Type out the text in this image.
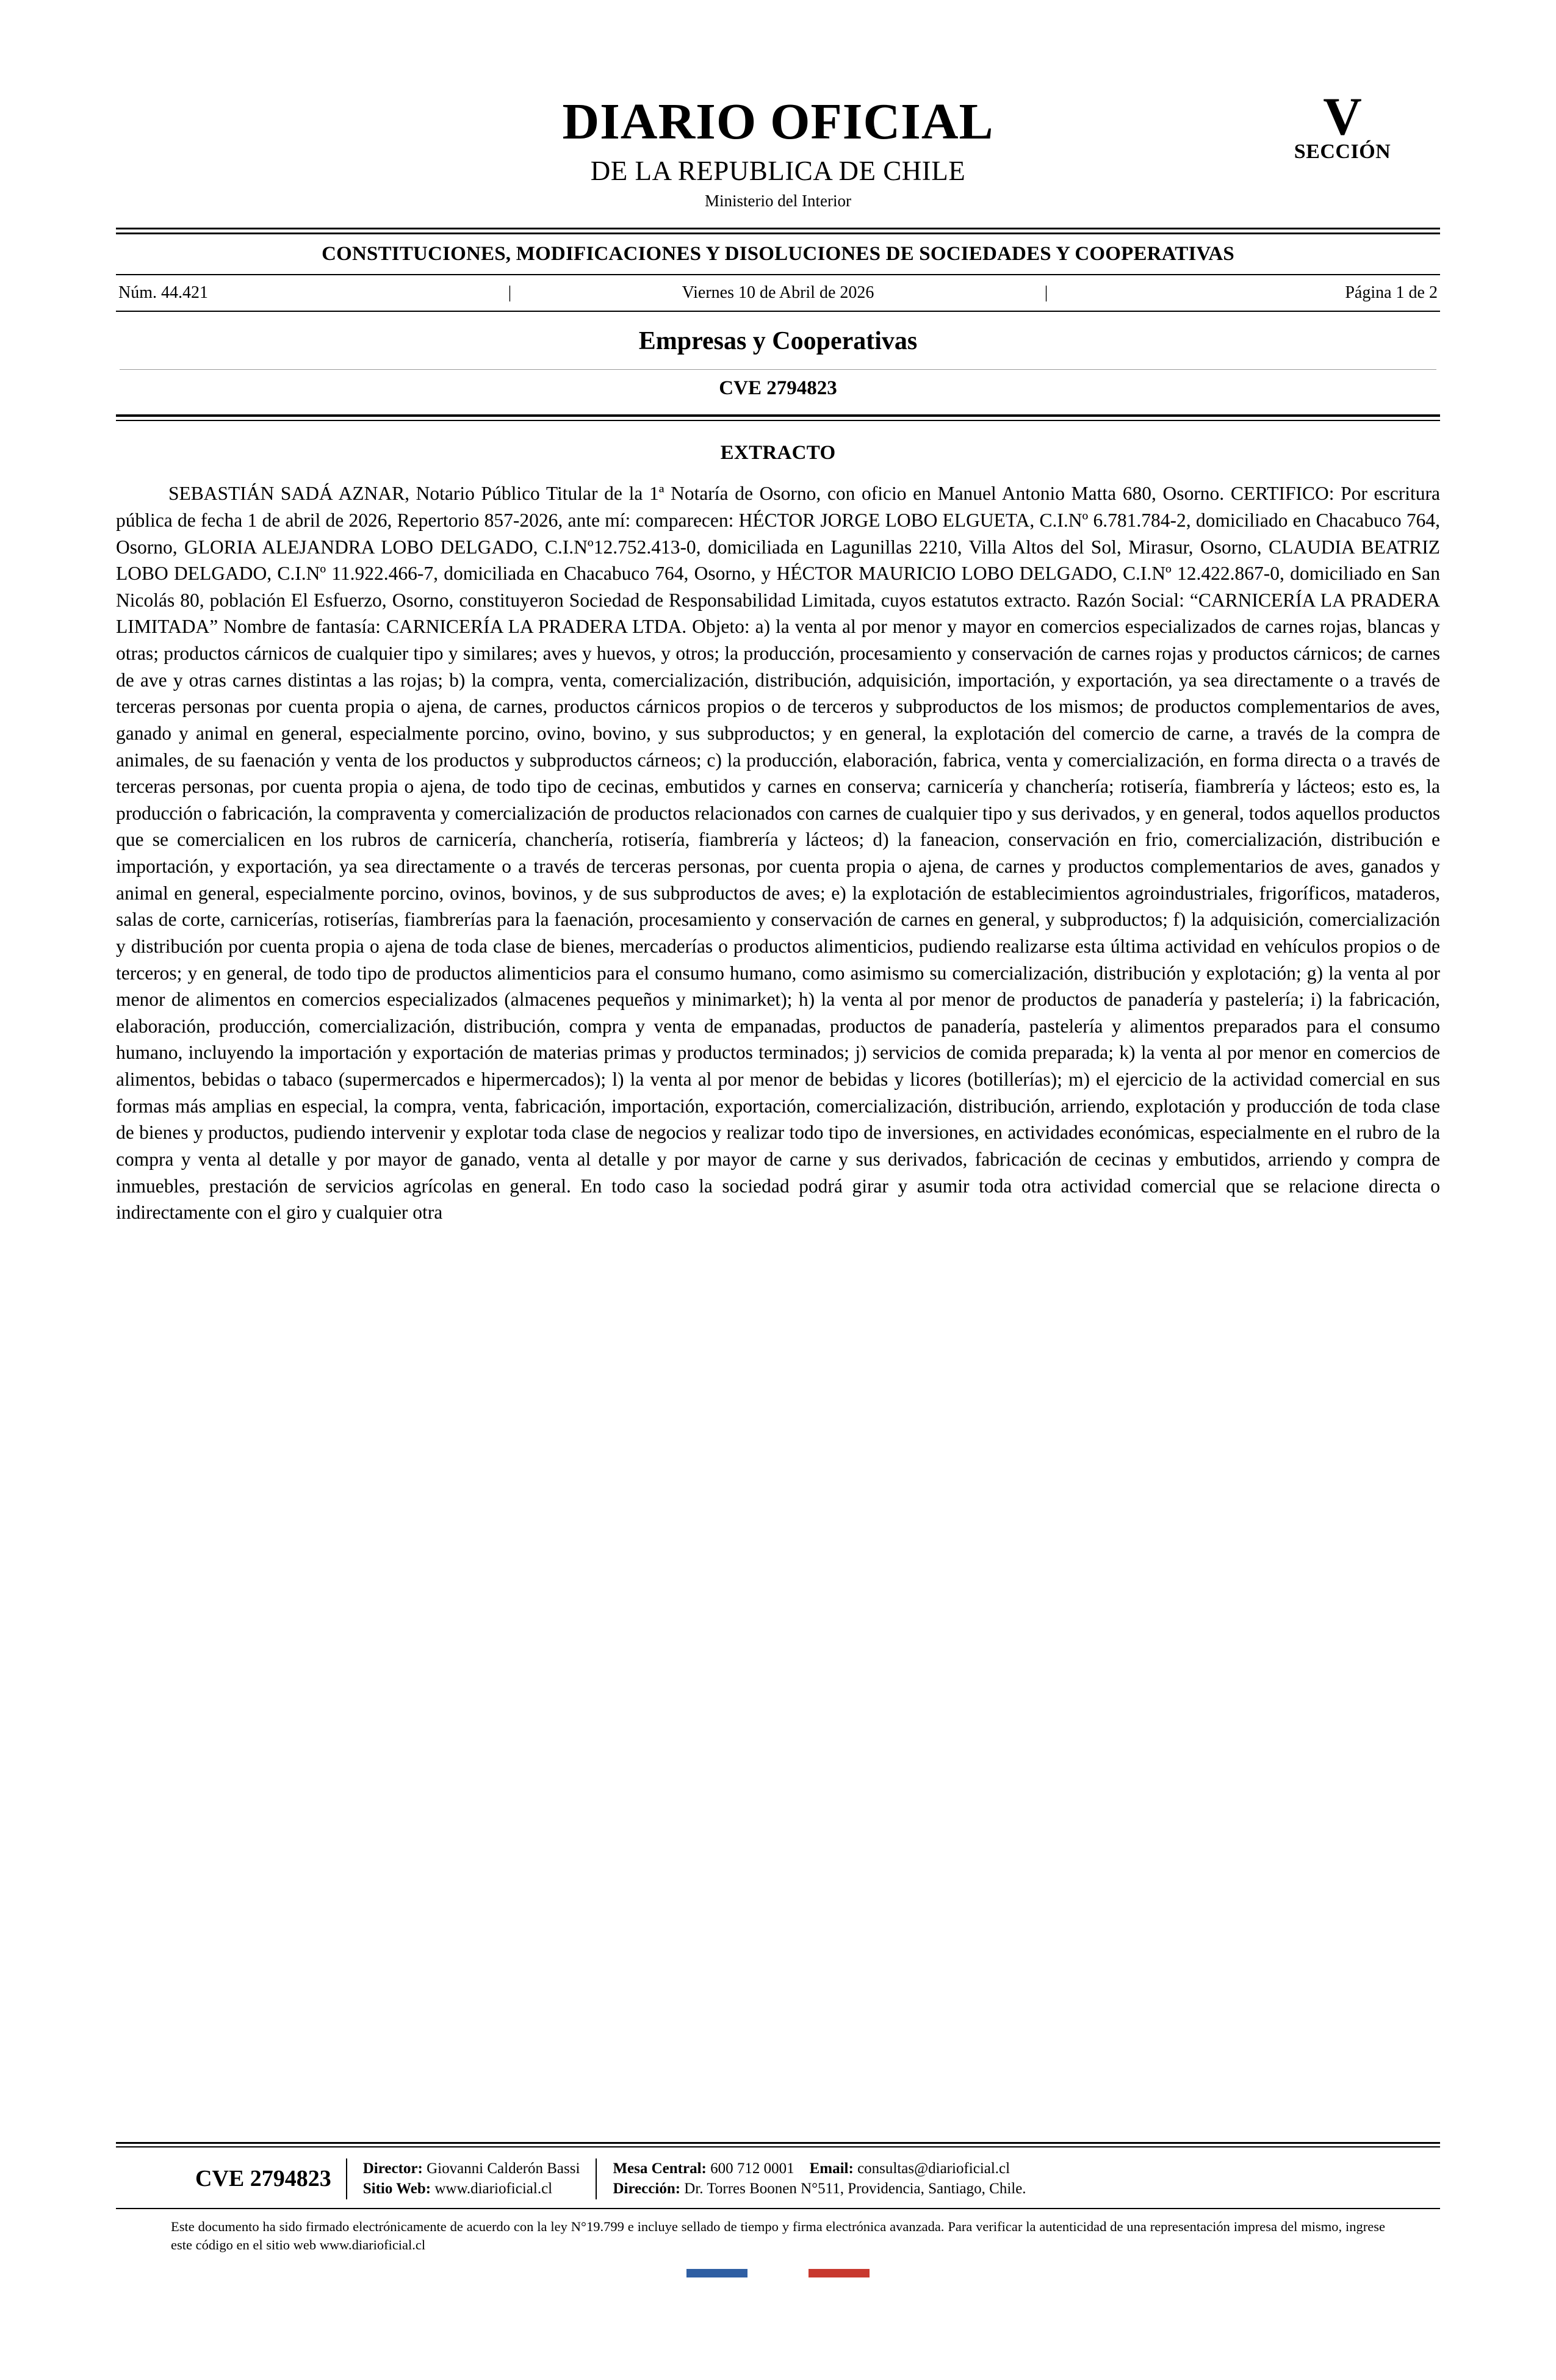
DIARIO OFICIAL
DE LA REPUBLICA DE CHILE
Ministerio del Interior
V
SECCIÓN
CONSTITUCIONES, MODIFICACIONES Y DISOLUCIONES DE SOCIEDADES Y COOPERATIVAS
Núm. 44.421	| Viernes 10 de Abril de 2026 |	Página 1 de 2
Empresas y Cooperativas
CVE 2794823
EXTRACTO

SEBASTIÁN SADÁ AZNAR, Notario Público Titular de la 1ª Notaría de Osorno, con oficio en Manuel Antonio Matta 680, Osorno. CERTIFICO: Por escritura pública de fecha 1 de abril de 2026, Repertorio 857-2026, ante mí: comparecen: HÉCTOR JORGE LOBO ELGUETA, C.I.Nº 6.781.784-2, domiciliado en Chacabuco 764, Osorno, GLORIA ALEJANDRA LOBO DELGADO, C.I.Nº12.752.413-0, domiciliada en Lagunillas 2210, Villa Altos del Sol, Mirasur, Osorno, CLAUDIA BEATRIZ LOBO DELGADO, C.I.Nº 11.922.466-7, domiciliada en Chacabuco 764, Osorno, y HÉCTOR MAURICIO LOBO DELGADO, C.I.Nº 12.422.867-0, domiciliado en San Nicolás 80, población El Esfuerzo, Osorno, constituyeron Sociedad de Responsabilidad Limitada, cuyos estatutos extracto. Razón Social: “CARNICERÍA LA PRADERA LIMITADA” Nombre de fantasía: CARNICERÍA LA PRADERA LTDA. Objeto: a) la venta al por menor y mayor en comercios especializados de carnes rojas, blancas y otras; productos cárnicos de cualquier tipo y similares; aves y huevos, y otros; la producción, procesamiento y conservación de carnes rojas y productos cárnicos; de carnes de ave y otras carnes distintas a las rojas; b) la compra, venta, comercialización, distribución, adquisición, importación, y exportación, ya sea directamente o a través de terceras personas por cuenta propia o ajena, de carnes, productos cárnicos propios o de terceros y subproductos de los mismos; de productos complementarios de aves, ganado y animal en general, especialmente porcino, ovino, bovino, y sus subproductos; y en general, la explotación del comercio de carne, a través de la compra de animales, de su faenación y venta de los productos y subproductos cárneos; c) la producción, elaboración, fabrica, venta y comercialización, en forma directa o a través de terceras personas, por cuenta propia o ajena, de todo tipo de cecinas, embutidos y carnes en conserva; carnicería y chanchería; rotisería, fiambrería y lácteos; esto es, la producción o fabricación, la compraventa y comercialización de productos relacionados con carnes de cualquier tipo y sus derivados, y en general, todos aquellos productos que se comercialicen en los rubros de carnicería, chanchería, rotisería, fiambrería y lácteos; d) la faneacion, conservación en frio, comercialización, distribución e importación, y exportación, ya sea directamente o a través de terceras personas, por cuenta propia o ajena, de carnes y productos complementarios de aves, ganados y animal en general, especialmente porcino, ovinos, bovinos, y de sus subproductos de aves; e) la explotación de establecimientos agroindustriales, frigoríficos, mataderos, salas de corte, carnicerías, rotiserías, fiambrerías para la faenación, procesamiento y conservación de carnes en general, y subproductos; f) la adquisición, comercialización y distribución por cuenta propia o ajena de toda clase de bienes, mercaderías o productos alimenticios, pudiendo realizarse esta última actividad en vehículos propios o de terceros; y en general, de todo tipo de productos alimenticios para el consumo humano, como asimismo su comercialización, distribución y explotación; g) la venta al por menor de alimentos en comercios especializados (almacenes pequeños y minimarket); h) la venta al por menor de productos de panadería y pastelería; i) la fabricación, elaboración, producción, comercialización, distribución, compra y venta de empanadas, productos de panadería, pastelería y alimentos preparados para el consumo humano, incluyendo la importación y exportación de materias primas y productos terminados; j) servicios de comida preparada; k) la venta al por menor en comercios de alimentos, bebidas o tabaco (supermercados e hipermercados); l) la venta al por menor de bebidas y licores (botillerías); m) el ejercicio de la actividad comercial en sus formas más amplias en especial, la compra, venta, fabricación, importación, exportación, comercialización, distribución, arriendo, explotación y producción de toda clase de bienes y productos, pudiendo intervenir y explotar toda clase de negocios y realizar todo tipo de inversiones, en actividades económicas, especialmente en el rubro de la compra y venta al detalle y por mayor de ganado, venta al detalle y por mayor de carne y sus derivados, fabricación de cecinas y embutidos, arriendo y compra de inmuebles, prestación de servicios agrícolas en general. En todo caso la sociedad podrá girar y asumir toda otra actividad comercial que se relacione directa o indirectamente con el giro y cualquier otra

CVE 2794823	Director: Giovanni Calderón Bassi
Sitio Web: www.diarioficial.cl
Mesa Central: 600 712 0001 Email: consultas@diarioficial.cl
Dirección: Dr. Torres Boonen N°511, Providencia, Santiago, Chile.
Este documento ha sido firmado electrónicamente de acuerdo con la ley N°19.799 e incluye sellado de tiempo y firma electrónica avanzada. Para verificar la autenticidad de una representación impresa del mismo, ingrese este código en el sitio web www.diarioficial.cl
